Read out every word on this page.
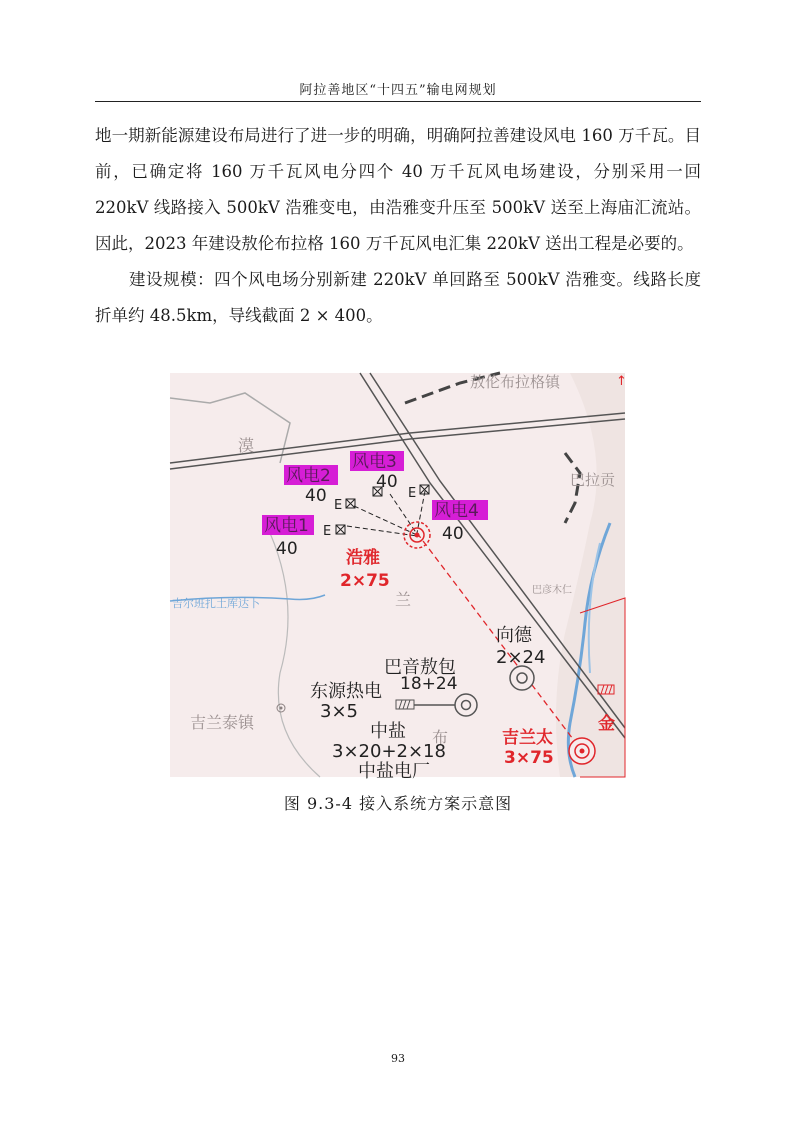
阿拉善地区“十四五”输电网规划

地一期新能源建设布局进行了进一步的明确，明确阿拉善建设风电 160 万千瓦。目前，已确定将 160 万千瓦风电分四个 40 万千瓦风电场建设，分别采用一回 220kV 线路接入 500kV 浩雅变电，由浩雅变升压至 500kV 送至上海庙汇流站。因此，2023 年建设敖伦布拉格 160 万千瓦风电汇集 220kV 送出工程是必要的。

建设规模：四个风电场分别新建 220kV 单回路至 500kV 浩雅变。线路长度折单约 48.5km，导线截面 2 × 400。

E
E
E
风电2
40
风电3
40
风电1
40
风电4
40
浩雅
2×75
敖伦布拉格镇
巴拉贡
漠
兰	巴彦木仁
吉兰泰镇
布
吉尔班扎土库达卜
向德
2×24
巴音敖包
18+24
东源热电
3×5
中盐
3×20+2×18
中盐电厂
吉兰太
3×75
金
↑
图 9.3-4 接入系统方案示意图
93
